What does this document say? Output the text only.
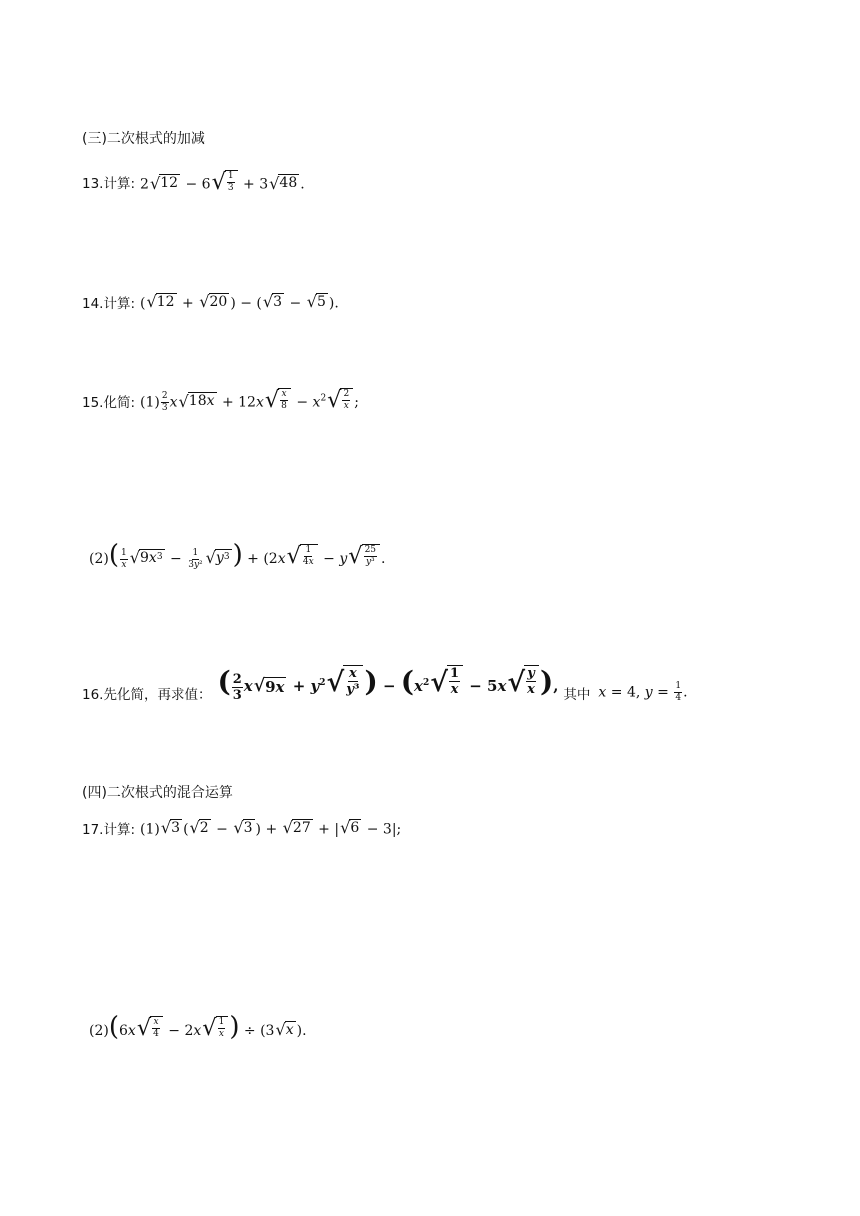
(三)二次根式的加减
13.计算: 2 √ 12 − 6 √ $\frac{1}{3} + 3$ √ 48 .
14.计算: ( √ 12 + √ 20 ) − ( √ 3 − √ 5 ).
15.化简: $(1) \frac{2}{3}$ x √ 18 x + 12x √ $\frac{x}{8} - x^2$ √ $\frac{2}{x}$ ;
$(2)( \frac{1}{x}$ √ 9 x $3 - \frac{1}{\text{3y²}}$ √ y 3 ) + (2x √ $\frac{1}{4x} - y$ √ $\frac{25}{\text{y³}}$ .
16.先化简，再求值： ( $\frac{2}{3}$ x √ 9 $x + y^2$ √ $\frac{x}{\text{y³}}$ ) − ($x^2$ √ $\frac{1}{x} - 5x$ √ $\frac{y}{x}$ ), 其中 x = 4, $y = \frac{1}{4}$ .
(四)二次根式的混合运算
17.计算: (1) √ 3 ( √ 2 − √ 3 ) + √ 27 + | √ 6 − 3|;
(2)(6x √ $\frac{x}{4} - 2x$ √ $\frac{1}{x}$ ) ÷ (3 √ x ).
